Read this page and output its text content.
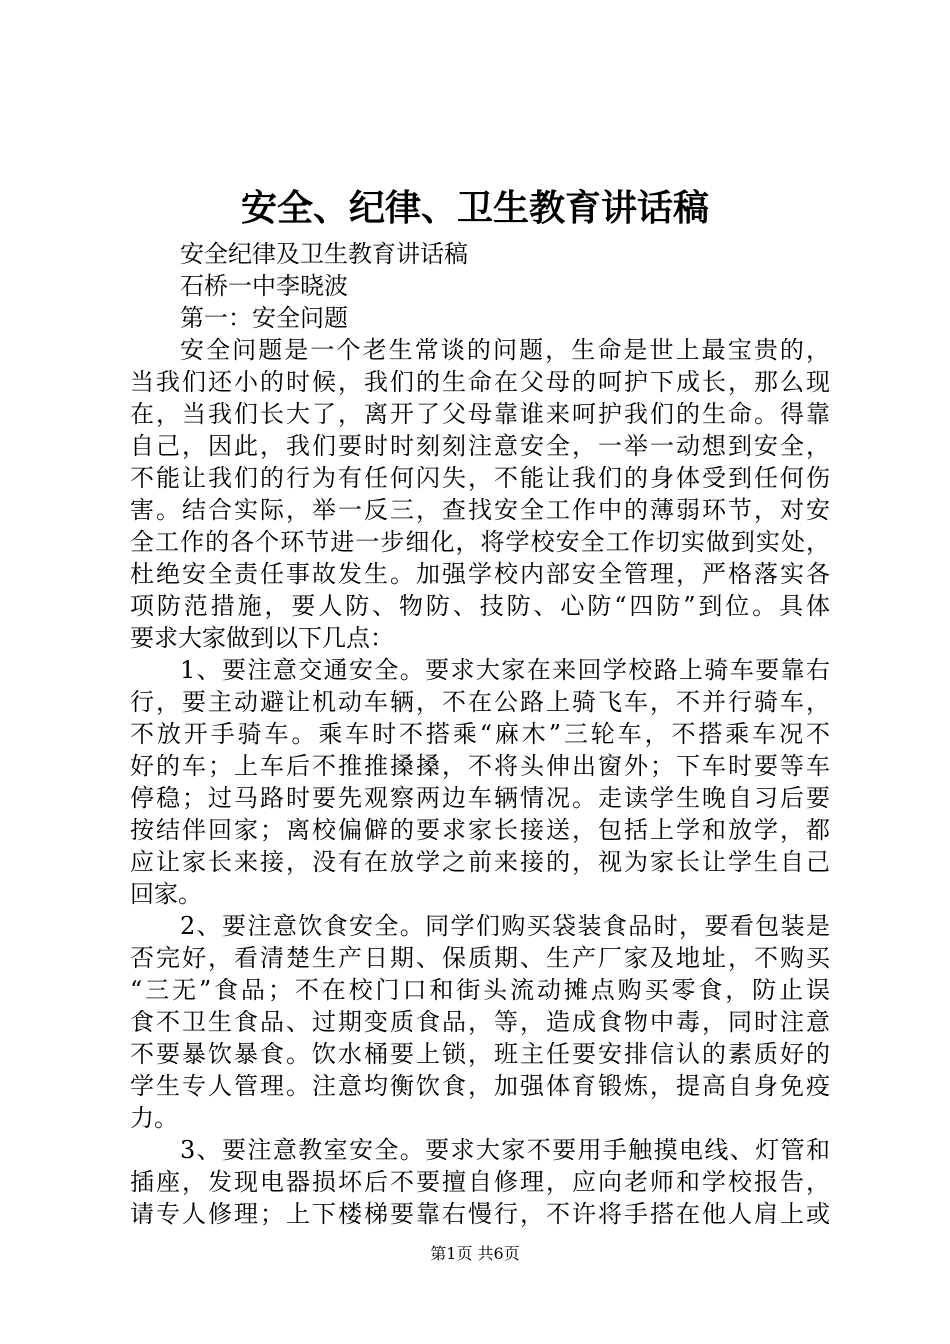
安全、纪律、卫生教育讲话稿
安全纪律及卫生教育讲话稿
石桥一中李晓波
第一：安全问题
安全问题是一个老生常谈的问题，生命是世上最宝贵的，
当我们还小的时候，我们的生命在父母的呵护下成长，那么现
在，当我们长大了，离开了父母靠谁来呵护我们的生命。得靠
自己，因此，我们要时时刻刻注意安全，一举一动想到安全，
不能让我们的行为有任何闪失，不能让我们的身体受到任何伤
害。结合实际，举一反三，查找安全工作中的薄弱环节，对安
全工作的各个环节进一步细化，将学校安全工作切实做到实处，
杜绝安全责任事故发生。加强学校内部安全管理，严格落实各
项防范措施，要人防、物防、技防、心防“四防”到位。具体
要求大家做到以下几点：
1、要注意交通安全。要求大家在来回学校路上骑车要靠右
行，要主动避让机动车辆，不在公路上骑飞车，不并行骑车，
不放开手骑车。乘车时不搭乘“麻木”三轮车，不搭乘车况不
好的车；上车后不推推搡搡，不将头伸出窗外；下车时要等车
停稳；过马路时要先观察两边车辆情况。走读学生晚自习后要
按结伴回家；离校偏僻的要求家长接送，包括上学和放学，都
应让家长来接，没有在放学之前来接的，视为家长让学生自己
回家。
2、要注意饮食安全。同学们购买袋装食品时，要看包装是
否完好，看清楚生产日期、保质期、生产厂家及地址，不购买
“三无”食品；不在校门口和街头流动摊点购买零食，防止误
食不卫生食品、过期变质食品，等，造成食物中毒，同时注意
不要暴饮暴食。饮水桶要上锁，班主任要安排信认的素质好的
学生专人管理。注意均衡饮食，加强体育锻炼，提高自身免疫
力。
3、要注意教室安全。要求大家不要用手触摸电线、灯管和
插座，发现电器损坏后不要擅自修理，应向老师和学校报告，
请专人修理；上下楼梯要靠右慢行，不许将手搭在他人肩上或
第1页 共6页
